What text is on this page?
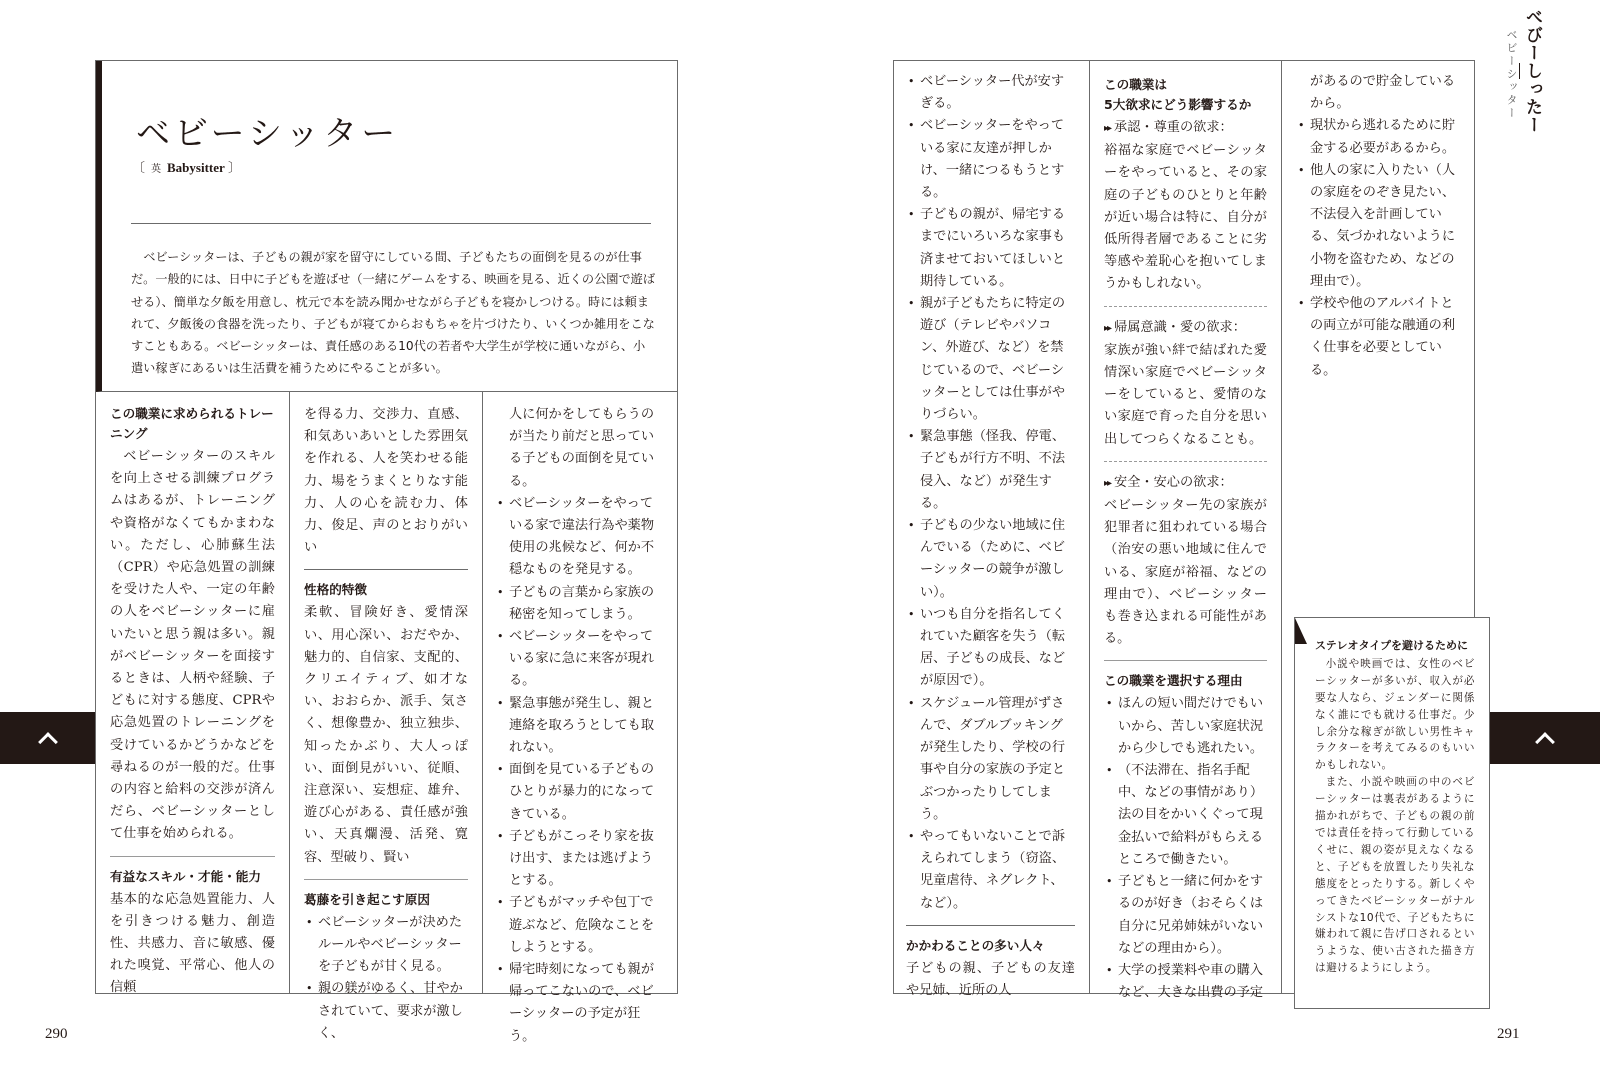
ベビーシッター
〔 英 Babysitter 〕
ベビーシッターは、子どもの親が家を留守にしている間、子どもたちの面倒を見るのが仕事だ。一般的には、日中に子どもを遊ばせ（一緒にゲームをする、映画を見る、近くの公園で遊ばせる）、簡単な夕飯を用意し、枕元で本を読み聞かせながら子どもを寝かしつける。時には頼まれて、夕飯後の食器を洗ったり、子どもが寝てからおもちゃを片づけたり、いくつか雑用をこなすこともある。ベビーシッターは、責任感のある10代の若者や大学生が学校に通いながら、小遣い稼ぎにあるいは生活費を補うためにやることが多い。
この職業に求められるトレーニング
ベビーシッターのスキルを向上させる訓練プログラムはあるが、トレーニングや資格がなくてもかまわない。ただし、心肺蘇生法（CPR）や応急処置の訓練を受けた人や、一定の年齢の人をベビーシッターに雇いたいと思う親は多い。親がベビーシッターを面接するときは、人柄や経験、子どもに対する態度、CPRや応急処置のトレーニングを受けているかどうかなどを尋ねるのが一般的だ。仕事の内容と給料の交渉が済んだら、ベビーシッターとして仕事を始められる。
有益なスキル・才能・能力
基本的な応急処置能力、人を引きつける魅力、創造性、共感力、音に敏感、優れた嗅覚、平常心、他人の信頼
を得る力、交渉力、直感、和気あいあいとした雰囲気を作れる、人を笑わせる能力、場をうまくとりなす能力、人の心を読む力、体力、俊足、声のとおりがいい
性格的特徴
柔軟、冒険好き、愛情深い、用心深い、おだやか、魅力的、自信家、支配的、クリエイティブ、如才ない、おおらか、派手、気さく、想像豊か、独立独歩、知ったかぶり、大人っぽい、面倒見がいい、従順、注意深い、妄想症、雄弁、遊び心がある、責任感が強い、天真爛漫、活発、寛容、型破り、賢い
葛藤を引き起こす原因
• ベビーシッターが決めたルールやベビーシッターを子どもが甘く見る。
• 親の躾がゆるく、甘やかされていて、要求が激しく、
人に何かをしてもらうのが当たり前だと思っている子どもの面倒を見ている。
• ベビーシッターをやっている家で違法行為や薬物使用の兆候など、何か不穏なものを発見する。
• 子どもの言葉から家族の秘密を知ってしまう。
• ベビーシッターをやっている家に急に来客が現れる。
• 緊急事態が発生し、親と連絡を取ろうとしても取れない。
• 面倒を見ている子どものひとりが暴力的になってきている。
• 子どもがこっそり家を抜け出す、または逃げようとする。
• 子どもがマッチや包丁で遊ぶなど、危険なことをしようとする。
• 帰宅時刻になっても親が帰ってこないので、ベビーシッターの予定が狂う。
290
• ベビーシッター代が安すぎる。
• ベビーシッターをやっている家に友達が押しかけ、一緒につるもうとする。
• 子どもの親が、帰宅するまでにいろいろな家事も済ませておいてほしいと期待している。
• 親が子どもたちに特定の遊び（テレビやパソコン、外遊び、など）を禁じているので、ベビーシッターとしては仕事がやりづらい。
• 緊急事態（怪我、停電、子どもが行方不明、不法侵入、など）が発生する。
• 子どもの少ない地域に住んでいる（ために、ベビーシッターの競争が激しい）。
• いつも自分を指名してくれていた顧客を失う（転居、子どもの成長、などが原因で）。
• スケジュール管理がずさんで、ダブルブッキングが発生したり、学校の行事や自分の家族の予定とぶつかったりしてしまう。
• やってもいないことで訴えられてしまう（窃盗、児童虐待、ネグレクト、など）。
かかわることの多い人々
子どもの親、子どもの友達や兄姉、近所の人
この職業は
5大欲求にどう影響するか
▸▸ 承認・尊重の欲求：
裕福な家庭でベビーシッターをやっていると、その家庭の子どものひとりと年齢が近い場合は特に、自分が低所得者層であることに劣等感や羞恥心を抱いてしまうかもしれない。
▸▸ 帰属意識・愛の欲求：
家族が強い絆で結ばれた愛情深い家庭でベビーシッターをしていると、愛情のない家庭で育った自分を思い出してつらくなることも。
▸▸ 安全・安心の欲求：
ベビーシッター先の家族が犯罪者に狙われている場合（治安の悪い地域に住んでいる、家庭が裕福、などの理由で）、ベビーシッターも巻き込まれる可能性がある。
この職業を選択する理由
• ほんの短い間だけでもいいから、苦しい家庭状況から少しでも逃れたい。
• （不法滞在、指名手配中、などの事情があり）法の目をかいくぐって現金払いで給料がもらえるところで働きたい。
• 子どもと一緒に何かをするのが好き（おそらくは自分に兄弟姉妹がいないなどの理由から）。
• 大学の授業料や車の購入など、大きな出費の予定
があるので貯金しているから。
• 現状から逃れるために貯金する必要があるから。
• 他人の家に入りたい（人の家庭をのぞき見たい、不法侵入を計画している、気づかれないように小物を盗むため、などの理由で）。
• 学校や他のアルバイトとの両立が可能な融通の利く仕事を必要としている。
ステレオタイプを避けるために
小説や映画では、女性のベビーシッターが多いが、収入が必要な人なら、ジェンダーに関係なく誰にでも就ける仕事だ。少し余分な稼ぎが欲しい男性キャラクターを考えてみるのもいいかもしれない。
また、小説や映画の中のベビーシッターは裏表があるように描かれがちで、子どもの親の前では責任を持って行動しているくせに、親の姿が見えなくなると、子どもを放置したり失礼な態度をとったりする。新しくやってきたベビーシッターがナルシストな10代で、子どもたちに嫌われて親に告げ口されるというような、使い古された描き方は避けるようにしよう。
べびーしったー
ベビーシッター
291
